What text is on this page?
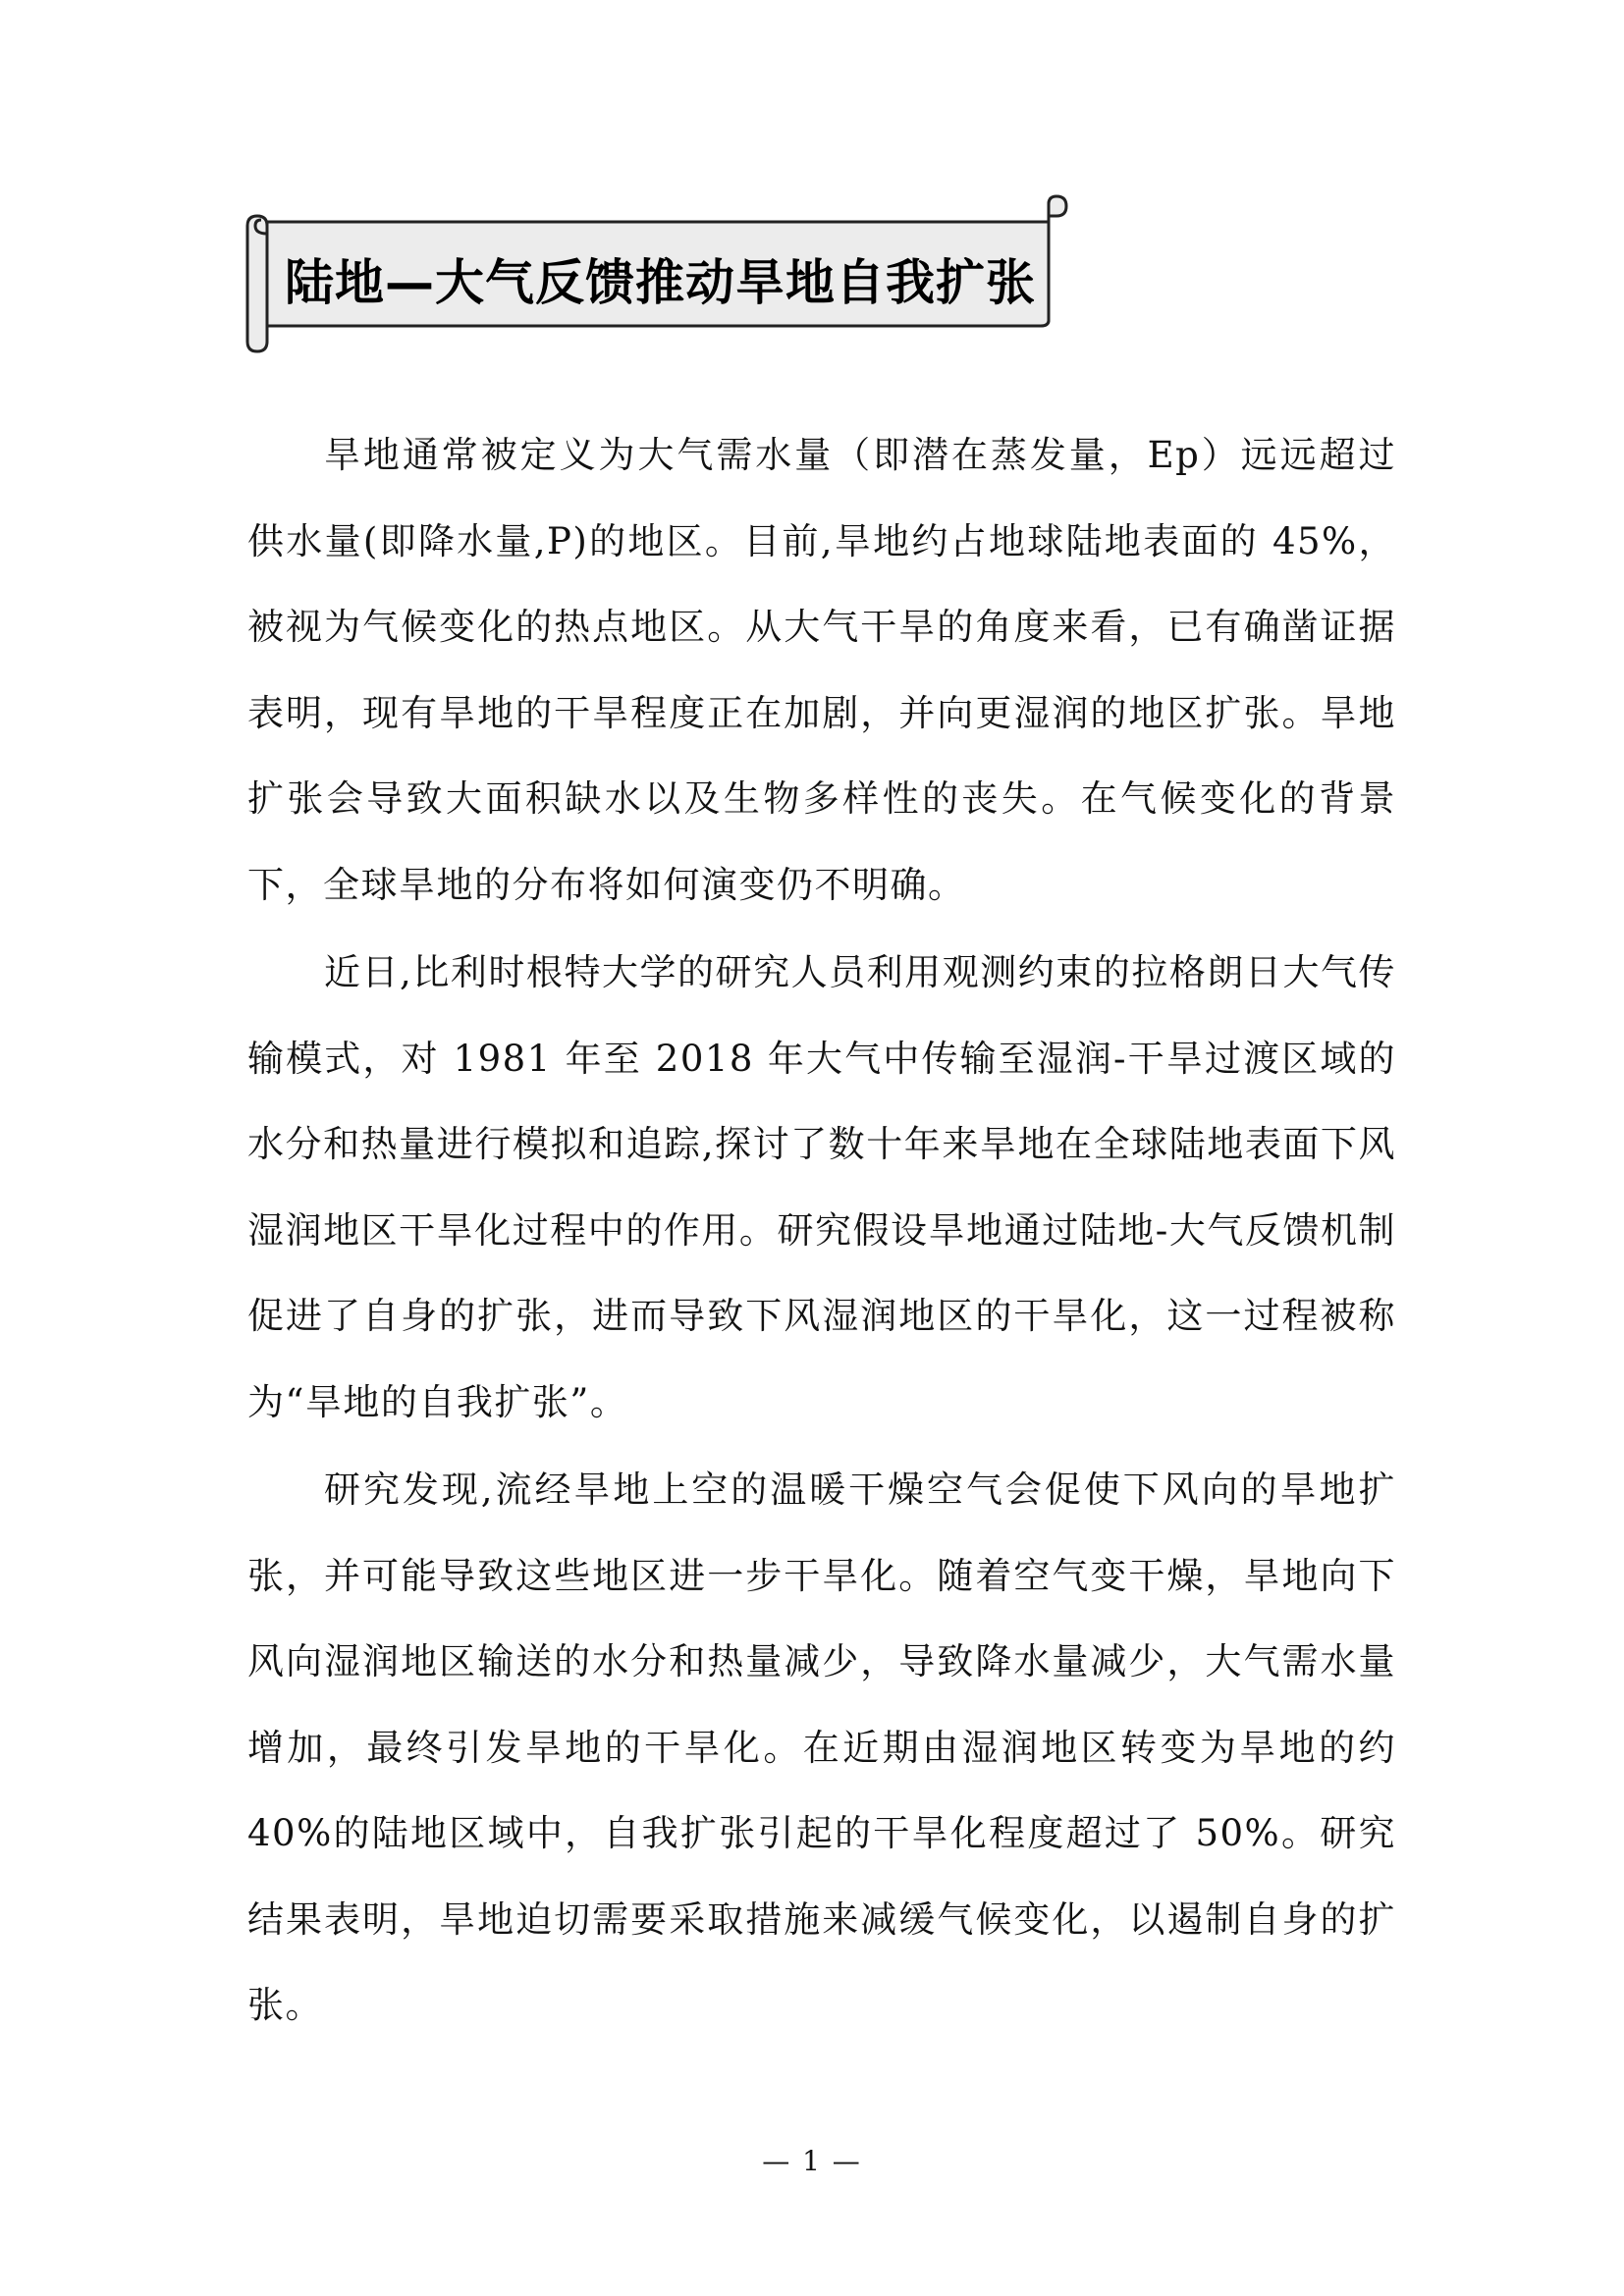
陆地—大气反馈推动旱地自我扩张

旱地通常被定义为大气需水量（即潜在蒸发量，Ep）远远超过供水量(即降水量,P)的地区。目前,旱地约占地球陆地表面的 45%，被视为气候变化的热点地区。从大气干旱的角度来看，已有确凿证据表明，现有旱地的干旱程度正在加剧，并向更湿润的地区扩张。旱地扩张会导致大面积缺水以及生物多样性的丧失。在气候变化的背景下，全球旱地的分布将如何演变仍不明确。

近日,比利时根特大学的研究人员利用观测约束的拉格朗日大气传输模式，对 1981 年至 2018 年大气中传输至湿润-干旱过渡区域的水分和热量进行模拟和追踪,探讨了数十年来旱地在全球陆地表面下风湿润地区干旱化过程中的作用。研究假设旱地通过陆地-大气反馈机制促进了自身的扩张，进而导致下风湿润地区的干旱化，这一过程被称为“旱地的自我扩张”。

研究发现,流经旱地上空的温暖干燥空气会促使下风向的旱地扩张，并可能导致这些地区进一步干旱化。随着空气变干燥，旱地向下风向湿润地区输送的水分和热量减少，导致降水量减少，大气需水量增加，最终引发旱地的干旱化。在近期由湿润地区转变为旱地的约40%的陆地区域中，自我扩张引起的干旱化程度超过了 50%。研究结果表明，旱地迫切需要采取措施来减缓气候变化，以遏制自身的扩张。

— 1 —
